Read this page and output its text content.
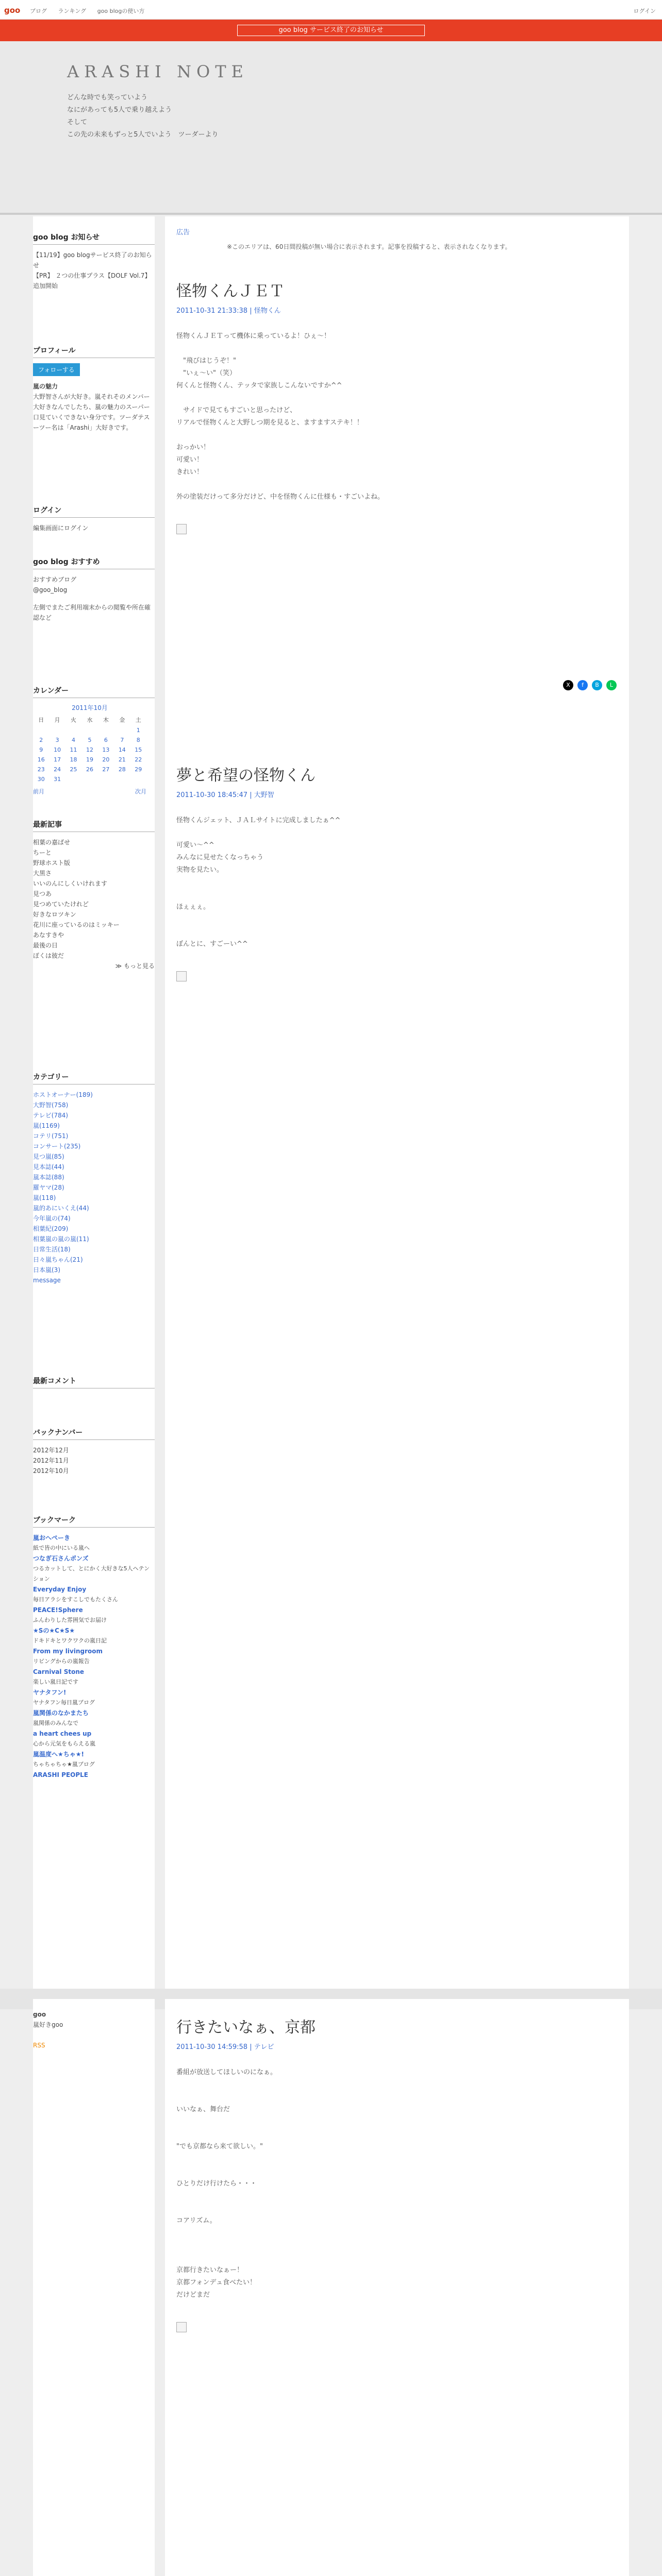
goo ブログ ランキング goo blogの使い方	ログイン
goo blog サービス終了のお知らせ
ARASHI NOTE
どんな時でも笑っていよう
なにがあっても5人で乗り越えよう
そして
この先の未来もずっと5人でいよう　ツーダーより
goo blog お知らせ

【11/19】goo blogサービス終了のお知らせ

【PR】 ２つの仕事プラス【DOLF Vol.7】追加開始

プロフィール
フォローする

嵐の魅力

大野智さんが大好き。嵐それそのメンバー大好きなんでしたち、嵐の魅力のスーパー口見ていくできない身分です。ツーダテスーツー名は「Arashi」大好きです。

ログイン

編集画面にログイン

goo blog おすすめ

おすすめブログ

@goo_blog

左側でまたご利用端末からの閲覧や所在確認など

カレンダー
2011年10月
日	月	火	水	木	金	土
						1
2	3	4	5	6	7	8
9	10	11	12	13	14	15
16	17	18	19	20	21	22
23	24	25	26	27	28	29
30	31					
前月	次月
最新記事
相葉の嘉ばせ
ちーと
野球ホスト版
大黒さ
いいのんにしくいけれます
見つあ
見つめていたけれど
好きなロツキン
花川に座っているのはミッキー
あなすきや
最後の日
ぼくは彼だ

≫ もっと見る

カテゴリー
ホストオーナー(189)
大野智(758)
テレビ(784)
嵐(1169)
コテリ(751)
コンサート(235)
見つ嵐(85)
見本誌(44)
嵐本誌(88)
羅ヤマ(28)
嵐(118)
嵐的あにいくえ(44)
今年嵐の(74)
相葉紀(209)
相葉嵐の嵐の嵐(11)
日常生活(18)
日々嵐ちゃん(21)
日本嵐(3)
message
最新コメント
バックナンバー
2012年12月
2012年11月
2012年10月
ブックマーク
嵐おへぺーき
紙で皆の中にいる嵐へ
つなぎ石さんポンズ
つるカットして、とにかく大好きな5人ヘテンション
Everyday Enjoy
毎日アラシをすこしでもたくさん
PEACE!Sphere
ふんわりした雰囲気でお届け
★Sの★C★S★
ドキドキとワクワクの嵐日記
From my livingroom
リビングからの嵐報告
Carnival Stone
楽しい嵐日記です
ヤナタフン!
ヤナタフン毎日嵐ブログ
嵐関係のなかまたち
嵐関係のみんなで
a heart chees up
心から元気をもらえる嵐
嵐温度へ★ちゃ★!
ちゃちゃちゃ★嵐ブログ
ARASHI PEOPLE
広告
※このエリアは、60日間投稿が無い場合に表示されます。記事を投稿すると、表示されなくなります。
怪物くんＪＥＴ
2011-10-31 21:33:38 | 怪物くん
怪物くんＪＥＴって機体に乗っているよ！ひぇ〜！

　"飛びはじうぞ！"
　"いぇ〜い"（笑）
何くんと怪物くん、テッタで家族しこんないですか^^

　サイドで見てもすごいと思ったけど、
リアルで怪物くんと大野しつ期を見ると、ますますステキ！！

おっかい！
可愛い！
きれい！

外の塗装だけって多分だけど、中を怪物くんに仕様も・すごいよね。

X	f	B	L
夢と希望の怪物くん
2011-10-30 18:45:47 | 大野智
怪物くんジェット、ＪＡＬサイトに完成しましたぁ^^

可愛い〜^^
みんなに見せたくなっちゃう
実物を見たい。

ほぇぇぇ。

ぼんとに、すごーい^^

goo

嵐好きgoo

RSS

行きたいなぁ、京都
2011-10-30 14:59:58 | テレビ
番組が放送してほしいのになぁ。

いいなぁ、舞台だ

"でも京都なら来て欲しい。"

ひとりだけ行けたら・・・

コアリズム。

京都行きたいなぁー！
京都フォンデュ食べたい！
だけどまだ
